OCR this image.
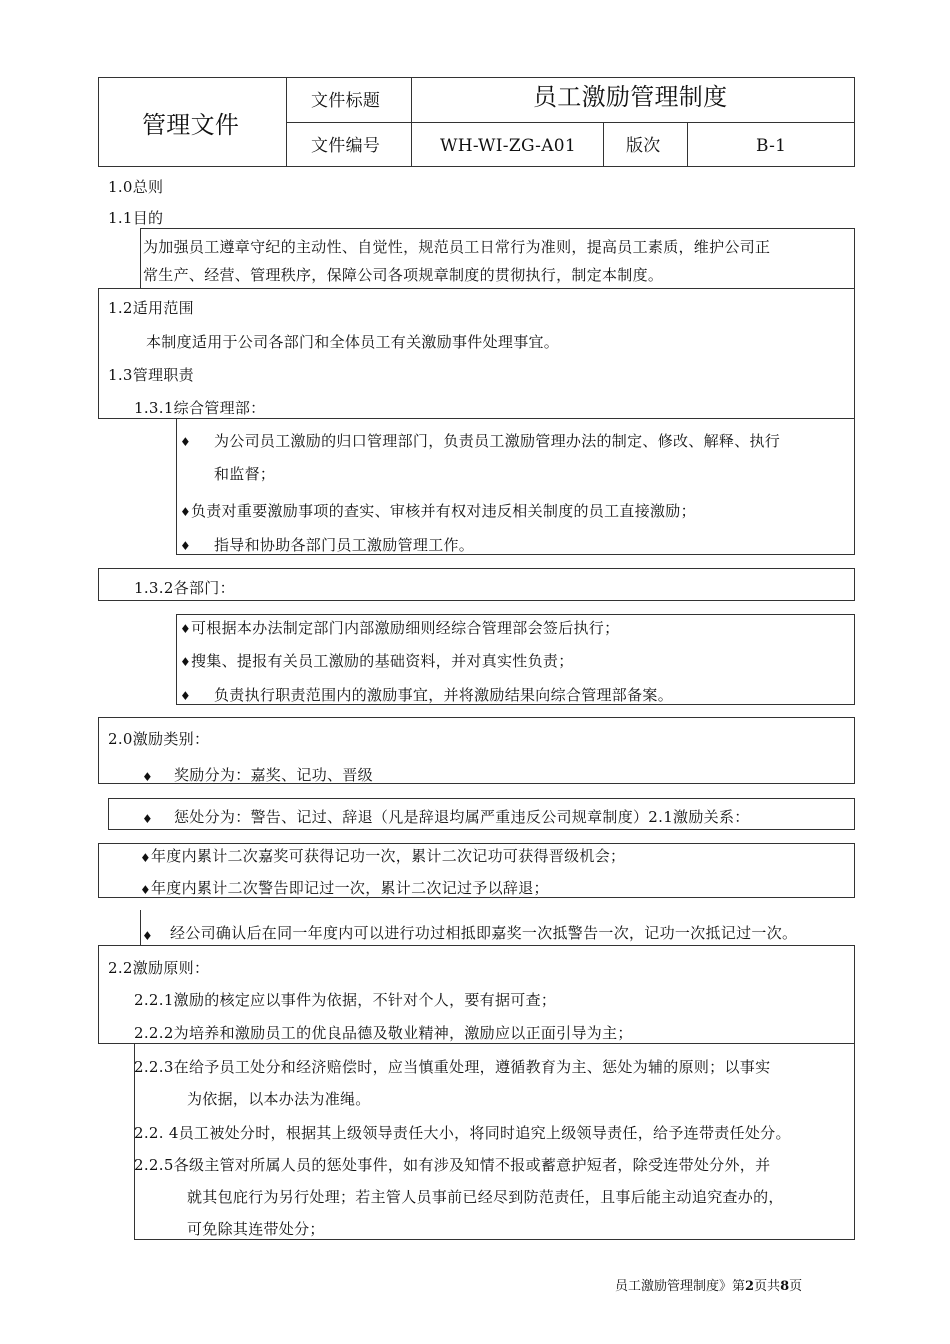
管理文件
文件标题	员工激励管理制度
文件编号	WH-WI-ZG-A01	版次	B-1
1.0总则
1.1目的
为加强员工遵章守纪的主动性、自觉性，规范员工日常行为准则，提高员工素质，维护公司正
常生产、经营、管理秩序，保障公司各项规章制度的贯彻执行，制定本制度。
1.2适用范围
本制度适用于公司各部门和全体员工有关激励事件处理事宜。
1.3管理职责
1.3.1综合管理部：
♦ 为公司员工激励的归口管理部门，负责员工激励管理办法的制定、修改、解释、执行
和监督；
♦ 负责对重要激励事项的查实、审核并有权对违反相关制度的员工直接激励；
♦ 指导和协助各部门员工激励管理工作。
1.3.2各部门：
♦ 可根据本办法制定部门内部激励细则经综合管理部会签后执行；
♦ 搜集、提报有关员工激励的基础资料，并对真实性负责；
♦ 负责执行职责范围内的激励事宜，并将激励结果向综合管理部备案。
2.0激励类别：
♦ 奖励分为：嘉奖、记功、晋级
♦ 惩处分为：警告、记过、辞退（凡是辞退均属严重违反公司规章制度）2.1激励关系：
♦ 年度内累计二次嘉奖可获得记功一次，累计二次记功可获得晋级机会；
♦ 年度内累计二次警告即记过一次，累计二次记过予以辞退；
♦ 经公司确认后在同一年度内可以进行功过相抵即嘉奖一次抵警告一次，记功一次抵记过一次。
2.2激励原则：
2.2.1激励的核定应以事件为依据，不针对个人，要有据可查；
2.2.2为培养和激励员工的优良品德及敬业精神，激励应以正面引导为主；
2.2.3在给予员工处分和经济赔偿时，应当慎重处理，遵循教育为主、惩处为辅的原则；以事实
为依据，以本办法为准绳。
2.2. 4员工被处分时，根据其上级领导责任大小，将同时追究上级领导责任，给予连带责任处分。
2.2.5各级主管对所属人员的惩处事件，如有涉及知情不报或蓄意护短者，除受连带处分外，并
就其包庇行为另行处理；若主管人员事前已经尽到防范责任，且事后能主动追究查办的，
可免除其连带处分；
员工激励管理制度》第2页共8页
